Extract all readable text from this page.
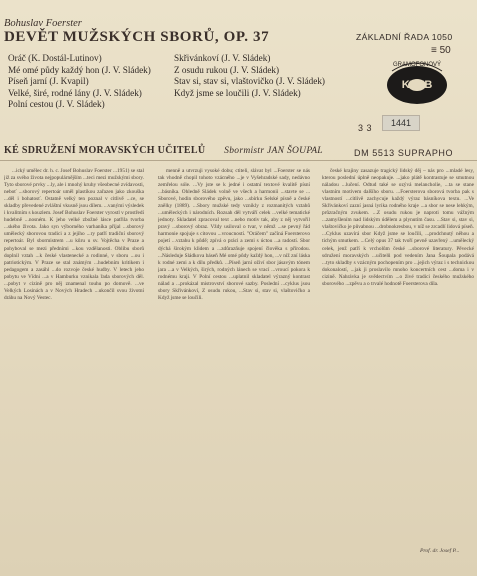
Bohuslav Foerster
DEVĚT MUŽSKÝCH SBORŮ, OP. 37
Oráč (K. Dostál-Lutinov)
Mé omé půdy každý hon (J. V. Sládek)
Píseň jarní (J. Kvapil)
Velké, širé, rodné lány (J. V. Sládek)
Polní cestou (J. V. Sládek)
Skřivánkoví (J. V. Sládek)
Z osudu rukou (J. V. Sládek)
Stav si, stav si, vlaštovičko (J. V. Sládek)
Když jsme se loučili (J. V. Sládek)
KÉ SDRUŽENÍ MORAVSKÝCH UČITELŮ Sbormistr JAN ŠOUPAL
ZÁKLADNÍ ŘADA 1050
≡ 50
GRAMOFONOVÝ
KLUB
3 3	1441
DM 5513 SUPRAPHO

...ický umělec dr. h. c. Josef Bohuslav Foerster ...1951) se stal již za svého života nejpopulárnějším ...teci mezi mužskými sbory. Tyto sborové prvky ...ly, ale i mnohý kruhy všeobecné zvídavosti, neboť ...sborový repertoár uměl plastikou zařazen jako zkouška ...děl i bohatosť. Ostatně velký ten poznal v citlivě ...ce, se skladby převedené zvláštní vkusně jsou dílem. ...vanými výsledek i kvalitním s kouzlem. Josef Bohuslav Foerster vyrostl v prostředí hudebně ...nosném. K jeho velké zbožné lásce patřila tvorba ...ského života. Jako syn výborného varhaníka přijal ...sborový umělecký sborovou tradici a z jejího ...ry patří tradiční sborový repertoár. Byl sbormistrem ...u kůru u sv. Vojtěcha v Praze a pohyboval se mezi předními ...kou vzdělanosti. Oblibu sborů doplnil vztah ...k české vlastenecké a rodinné, v sboru ...ou i patriotickým. V Praze se stal známým ...hudebním kritikem i pedagogem a zasáhl ...do rozvoje české hudby. V letech jeho pobytu ve Vídni ...a v Hamburku vznikala řada sborových děl. ...pobyt v cizině pro něj znamenal touhu po domově. ...ve Velkých Losinách a v Nových Hradech ...ukončil svou životní dráhu na Nový Vestec.

menně a utvrzuji vysoké dobu; ctiteli, slávat byl ...Foerster se nás tak vhodně chopil tohoto vzácného ...je v Vyšehradské sady, nedávno zemřelou sóle. ...Vy jste se k jedné i ostatní textové kvalitě písní ...básníka. Ohledně Sládek volně ve všech a harmonii ...stavte se ... Sborové, hodin sborového zpěvu, jako ...sbírku Selské písně a české znělky (1889). ...Sbory mužské tedy vznikly z rozmanitých vztahů ...uměleckých i národních. Rozsah děl vytváří celek ...velké tematické jednoty. Skladatel zpracoval text ...nebo motiv tak, aby z něj vytvořil pravý ...sborový obraz. Vždy usiloval o tvar, v němž ...se pevný řád harmonie spojuje s citovou ...vroucností. "Oráčem" začíná Foersterovo pojetí ...vztahu k půdě; zpívá o práci a zemi s úctou ...a radostí. Sbor dýchá širokým klidem a ...zdůrazňuje spojení člověka s přírodou. ...Následuje Sládkova báseň Mé omé půdy každý hon, ...v níž zní láska k rodné zemi a k dílu předků. ...Píseň jarní oživí sbor jásavým tónem jara ...a v Velkých, širých, rodných lánech se vrací ...vroucí pokora k rodnému kraji. V Polní cestou ...uplatnil skladatel výrazný kontrast nálad a ...prokázal mistrovství sborové sazby. Poslední ...cyklus jsou sbory Skřivánkoví, Z osudu rukou, ...Stav si, stav si, vlaštovičko a Když jsme se loučili.

české krajiny zasazuje tragický lidský děj – nás pro ...mladé lesy, kterou poslední úplně neopakuje. ...jako plátě kontrastuje se smutnou náladou ...lučení. Odtud také se ozývá melancholie, ...ta se stane vlastním motivem dalšího sboru. ...Foersterova sborová tvorba pak s vlastností ...citlivě zachycuje každý výraz básníkova textu. ...Ve Skřivánkoví zazní jasná lyrika rodného kraje ...a sbor se nese lehkým, průzračným zvukem. ...Z osudu rukou je naproti tomu vážným ...zamyšlením nad lidským údělem a plynutím času. ...Stav si, stav si, vlaštovičko je půvabnou ...drobnokresbou, v níž se zrcadlí lidová píseň. ...Cyklus uzavírá sbor Když jsme se loučili, ...prodchnutý něhou a tichým smutkem. ...Celý opus 37 tak tvoří pevně uzavřený ...umělecký celek, jenž patří k vrcholům české ...sborové literatury. Pěvecké sdružení moravských ...učitelů pod vedením Jana Šoupala podává ...tyto skladby s vzácným pochopením pro ...jejich výraz i s technickou dokonalostí, ...jak ji proslavilo mnoho koncertních cest ...doma i v cizině. Nahrávka je svědectvím ...o živé tradici českého mužského sborového ...zpěvu a o trvalé hodnotě Foersterova díla.

Prof. dr. Josef P...
